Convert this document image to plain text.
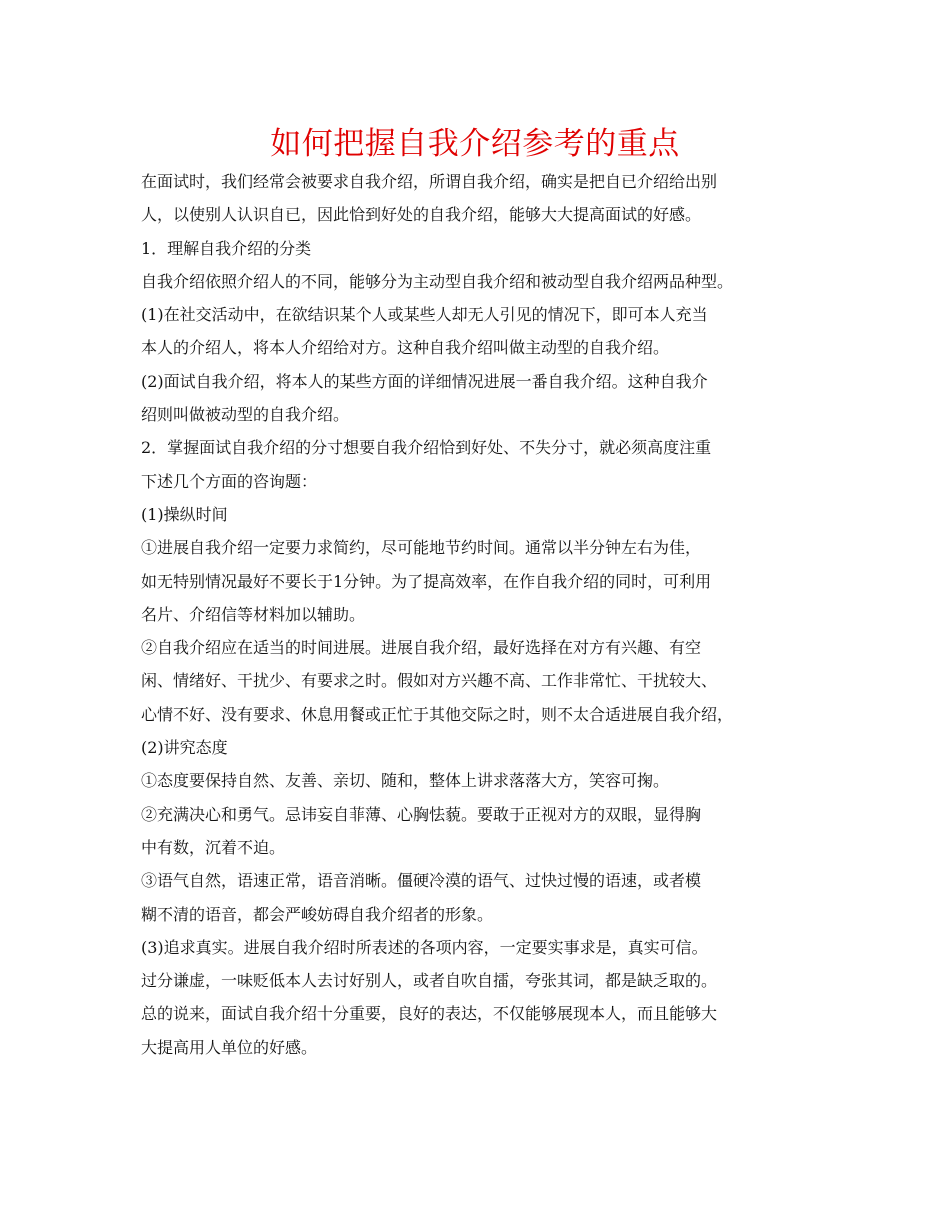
如何把握自我介绍参考的重点
在面试时，我们经常会被要求自我介绍，所谓自我介绍，确实是把自已介绍给出别
人，以使别人认识自已，因此恰到好处的自我介绍，能够大大提高面试的好感。
1．理解自我介绍的分类
自我介绍依照介绍人的不同，能够分为主动型自我介绍和被动型自我介绍两品种型。
(1)在社交活动中，在欲结识某个人或某些人却无人引见的情况下，即可本人充当
本人的介绍人，将本人介绍给对方。这种自我介绍叫做主动型的自我介绍。
(2)面试自我介绍，将本人的某些方面的详细情况进展一番自我介绍。这种自我介
绍则叫做被动型的自我介绍。
2．掌握面试自我介绍的分寸想要自我介绍恰到好处、不失分寸，就必须高度注重
下述几个方面的咨询题：
(1)操纵时间
①进展自我介绍一定要力求简约，尽可能地节约时间。通常以半分钟左右为佳，
如无特别情况最好不要长于1分钟。为了提高效率，在作自我介绍的同时，可利用
名片、介绍信等材料加以辅助。
②自我介绍应在适当的时间进展。进展自我介绍，最好选择在对方有兴趣、有空
闲、情绪好、干扰少、有要求之时。假如对方兴趣不高、工作非常忙、干扰较大、
心情不好、没有要求、休息用餐或正忙于其他交际之时，则不太合适进展自我介绍，
(2)讲究态度
①态度要保持自然、友善、亲切、随和，整体上讲求落落大方，笑容可掬。
②充满决心和勇气。忌讳妄自菲薄、心胸怯藐。要敢于正视对方的双眼，显得胸
中有数，沉着不迫。
③语气自然，语速正常，语音消晰。僵硬冷漠的语气、过快过慢的语速，或者模
糊不清的语音，都会严峻妨碍自我介绍者的形象。
(3)追求真实。进展自我介绍时所表述的各项内容，一定要实事求是，真实可信。
过分谦虚，一味贬低本人去讨好别人，或者自吹自擂，夸张其词，都是缺乏取的。
总的说来，面试自我介绍十分重要，良好的表达，不仅能够展现本人，而且能够大
大提高用人单位的好感。
